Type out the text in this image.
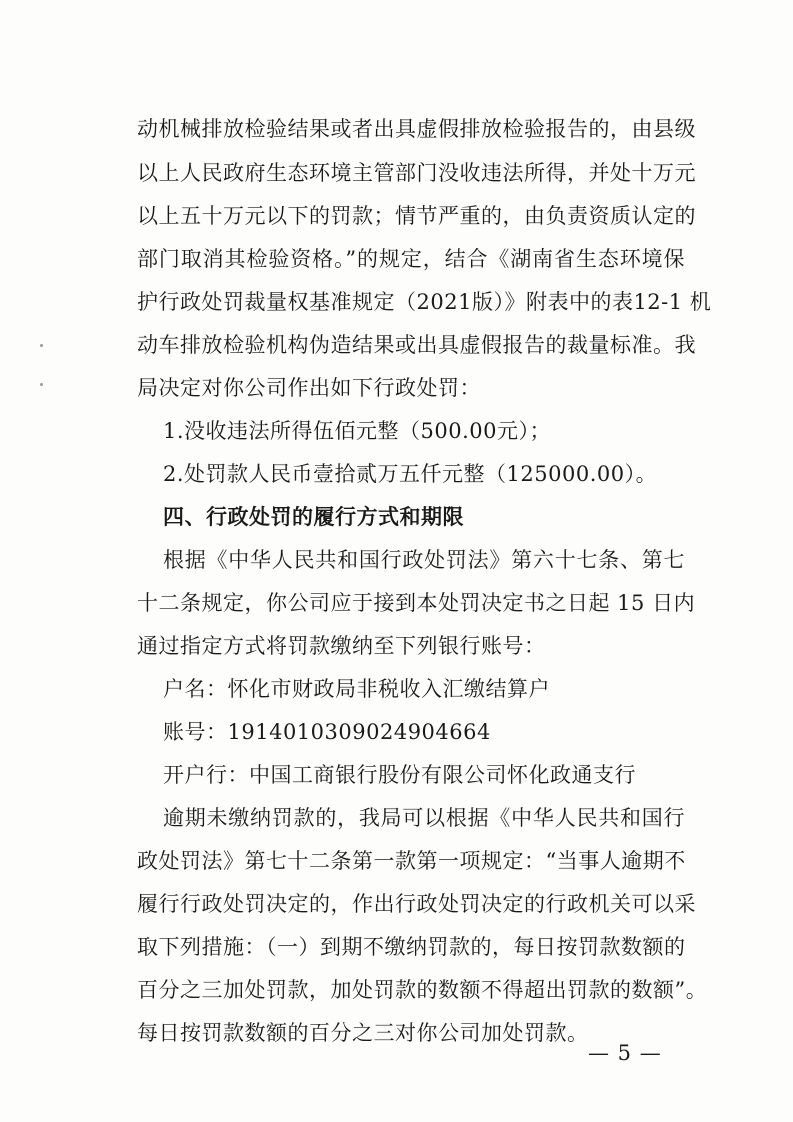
动机械排放检验结果或者出具虚假排放检验报告的，由县级
以上人民政府生态环境主管部门没收违法所得，并处十万元
以上五十万元以下的罚款；情节严重的，由负责资质认定的
部门取消其检验资格。”的规定，结合《湖南省生态环境保
护行政处罚裁量权基准规定（2021版）》附表中的表12-1 机
动车排放检验机构伪造结果或出具虚假报告的裁量标准。我
局决定对你公司作出如下行政处罚：
1.没收违法所得伍佰元整（500.00元）；
2.处罚款人民币壹拾贰万五仟元整（125000.00）。
四、行政处罚的履行方式和期限
根据《中华人民共和国行政处罚法》第六十七条、第七
十二条规定，你公司应于接到本处罚决定书之日起 15 日内
通过指定方式将罚款缴纳至下列银行账号：
户名：怀化市财政局非税收入汇缴结算户
账号：19140103090249046​64
开户行：中国工商银行股份有限公司怀化政通支行
逾期未缴纳罚款的，我局可以根据《中华人民共和国行
政处罚法》第七十二条第一款第一项规定：“当事人逾期不
履行行政处罚决定的，作出行政处罚决定的行政机关可以采
取下列措施：（一）到期不缴纳罚款的，每日按罚款数额的
百分之三加处罚款，加处罚款的数额不得超出罚款的数额”。
每日按罚款数额的百分之三对你公司加处罚款。
— 5 —
